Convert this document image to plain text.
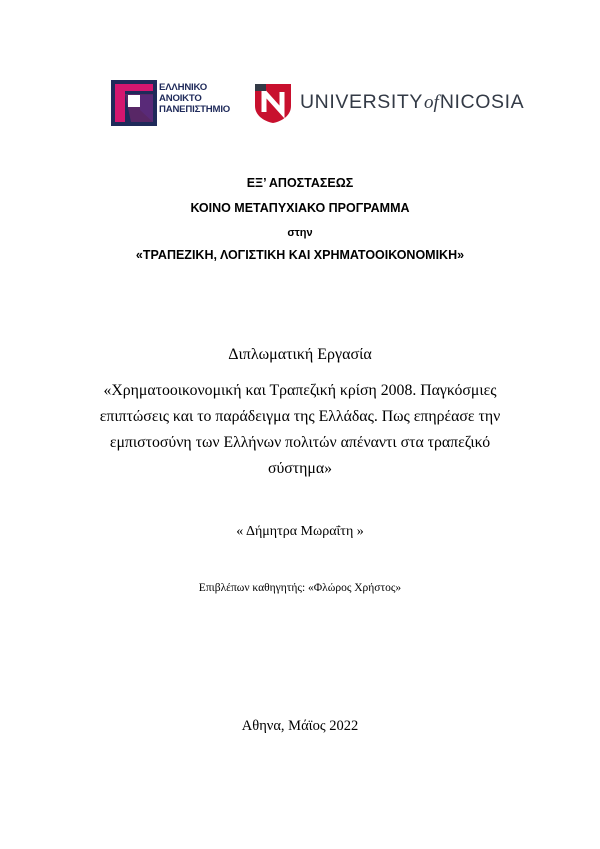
ΕΛΛΗΝΙΚΟ
ΑΝΟΙΚΤΟ
ΠΑΝΕΠΙΣΤΗΜΙΟ	UNIVERSITYofNICOSIA
ΕΞ’ ΑΠΟΣΤΑΣΕΩΣ
ΚΟΙΝΟ ΜΕΤΑΠΥΧΙΑΚΟ ΠΡΟΓΡΑΜΜΑ
στην
«ΤΡΑΠΕΖΙΚΗ, ΛΟΓΙΣΤΙΚΗ ΚΑΙ ΧΡΗΜΑΤΟΟΙΚΟΝΟΜΙΚΗ»
Διπλωματική Εργασία
«Χρηματοοικονομική και Τραπεζική κρίση 2008. Παγκόσμιες
επιπτώσεις και το παράδειγμα της Ελλάδας. Πως επηρέασε την
εμπιστοσύνη των Ελλήνων πολιτών απέναντι στα τραπεζικό
σύστημα»
« Δήμητρα Μωραΐτη »
Επιβλέπων καθηγητής: «Φλώρος Χρήστος»
Αθηνα, Μάϊος 2022
